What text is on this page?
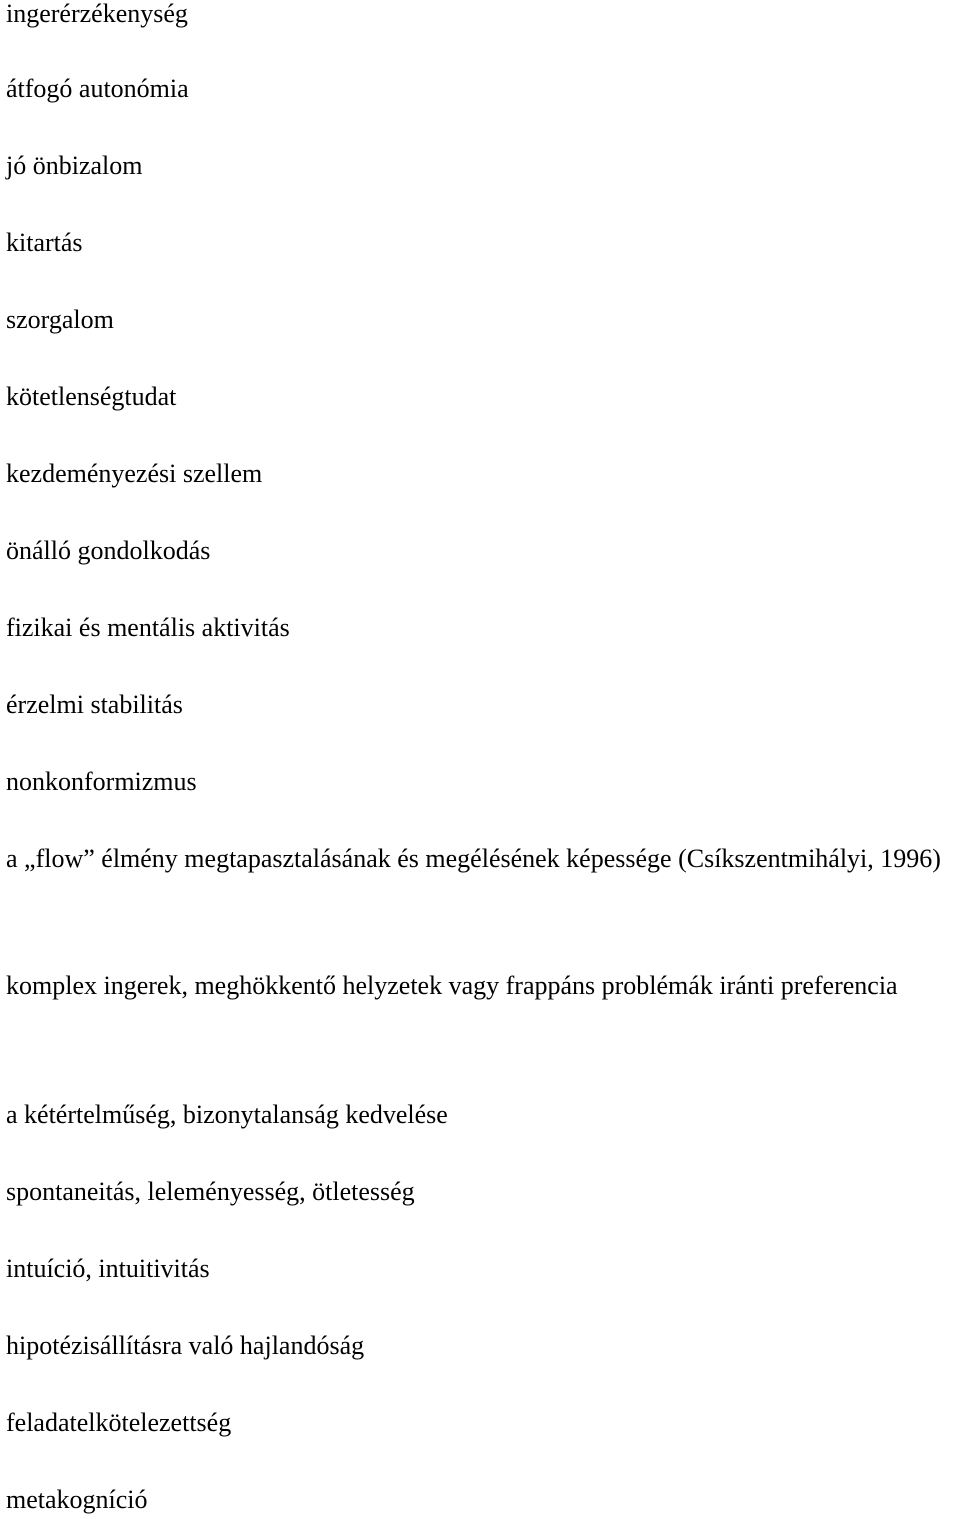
ingerérzékenység
átfogó autonómia
jó önbizalom
kitartás
szorgalom
kötetlenségtudat
kezdeményezési szellem
önálló gondolkodás
fizikai és mentális aktivitás
érzelmi stabilitás
nonkonformizmus
a „flow” élmény megtapasztalásának és megélésének képessége (Csíkszentmihályi, 1996)
komplex ingerek, meghökkentő helyzetek vagy frappáns problémák iránti preferencia
a kétértelműség, bizonytalanság kedvelése
spontaneitás, leleményesség, ötletesség
intuíció, intuitivitás
hipotézisállításra való hajlandóság
feladatelkötelezettség
metakogníció
